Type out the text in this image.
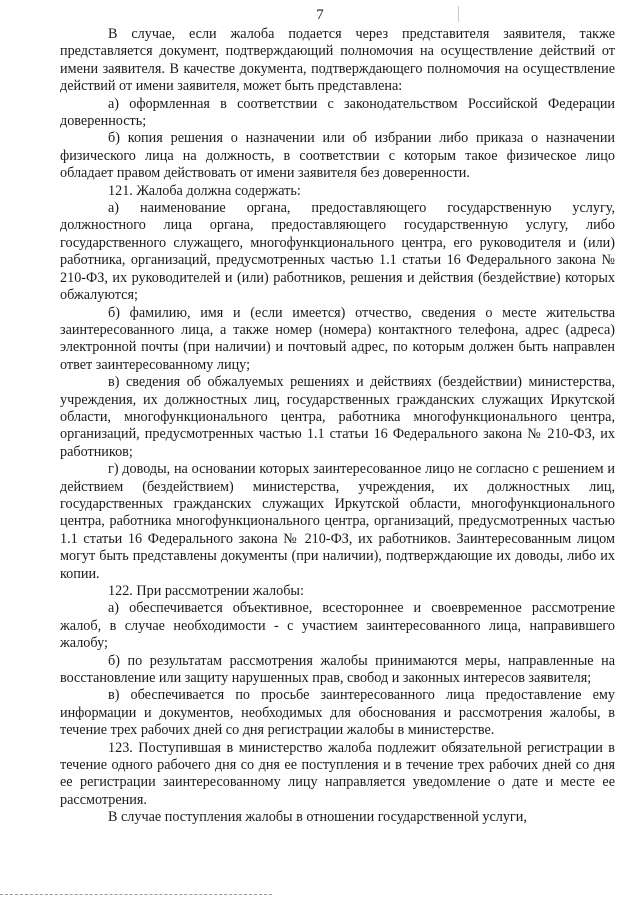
7

В случае, если жалоба подается через представителя заявителя, также представляется документ, подтверждающий полномочия на осуществление действий от имени заявителя. В качестве документа, подтверждающего полномочия на осуществление действий от имени заявителя, может быть представлена:

а) оформленная в соответствии с законодательством Российской Федерации доверенность;

б) копия решения о назначении или об избрании либо приказа о назначении физического лица на должность, в соответствии с которым такое физическое лицо обладает правом действовать от имени заявителя без доверенности.

121. Жалоба должна содержать:

а) наименование органа, предоставляющего государственную услугу, должностного лица органа, предоставляющего государственную услугу, либо государственного служащего, многофункционального центра, его руководителя и (или) работника, организаций, предусмотренных частью 1.1 статьи 16 Федерального закона № 210-ФЗ, их руководителей и (или) работников, решения и действия (бездействие) которых обжалуются;

б) фамилию, имя и (если имеется) отчество, сведения о месте жительства заинтересованного лица, а также номер (номера) контактного телефона, адрес (адреса) электронной почты (при наличии) и почтовый адрес, по которым должен быть направлен ответ заинтересованному лицу;

в) сведения об обжалуемых решениях и действиях (бездействии) министерства, учреждения, их должностных лиц, государственных гражданских служащих Иркутской области, многофункционального центра, работника многофункционального центра, организаций, предусмотренных частью 1.1 статьи 16 Федерального закона № 210-ФЗ, их работников;

г) доводы, на основании которых заинтересованное лицо не согласно с решением и действием (бездействием) министерства, учреждения, их должностных лиц, государственных гражданских служащих Иркутской области, многофункционального центра, работника многофункционального центра, организаций, предусмотренных частью 1.1 статьи 16 Федерального закона № 210-ФЗ, их работников. Заинтересованным лицом могут быть представлены документы (при наличии), подтверждающие их доводы, либо их копии.

122. При рассмотрении жалобы:

а) обеспечивается объективное, всестороннее и своевременное рассмотрение жалоб, в случае необходимости - с участием заинтересованного лица, направившего жалобу;

б) по результатам рассмотрения жалобы принимаются меры, направленные на восстановление или защиту нарушенных прав, свобод и законных интересов заявителя;

в) обеспечивается по просьбе заинтересованного лица предоставление ему информации и документов, необходимых для обоснования и рассмотрения жалобы, в течение трех рабочих дней со дня регистрации жалобы в министерстве.

123. Поступившая в министерство жалоба подлежит обязательной регистрации в течение одного рабочего дня со дня ее поступления и в течение трех рабочих дней со дня ее регистрации заинтересованному лицу направляется уведомление о дате и месте ее рассмотрения.

В случае поступления жалобы в отношении государственной услуги,
